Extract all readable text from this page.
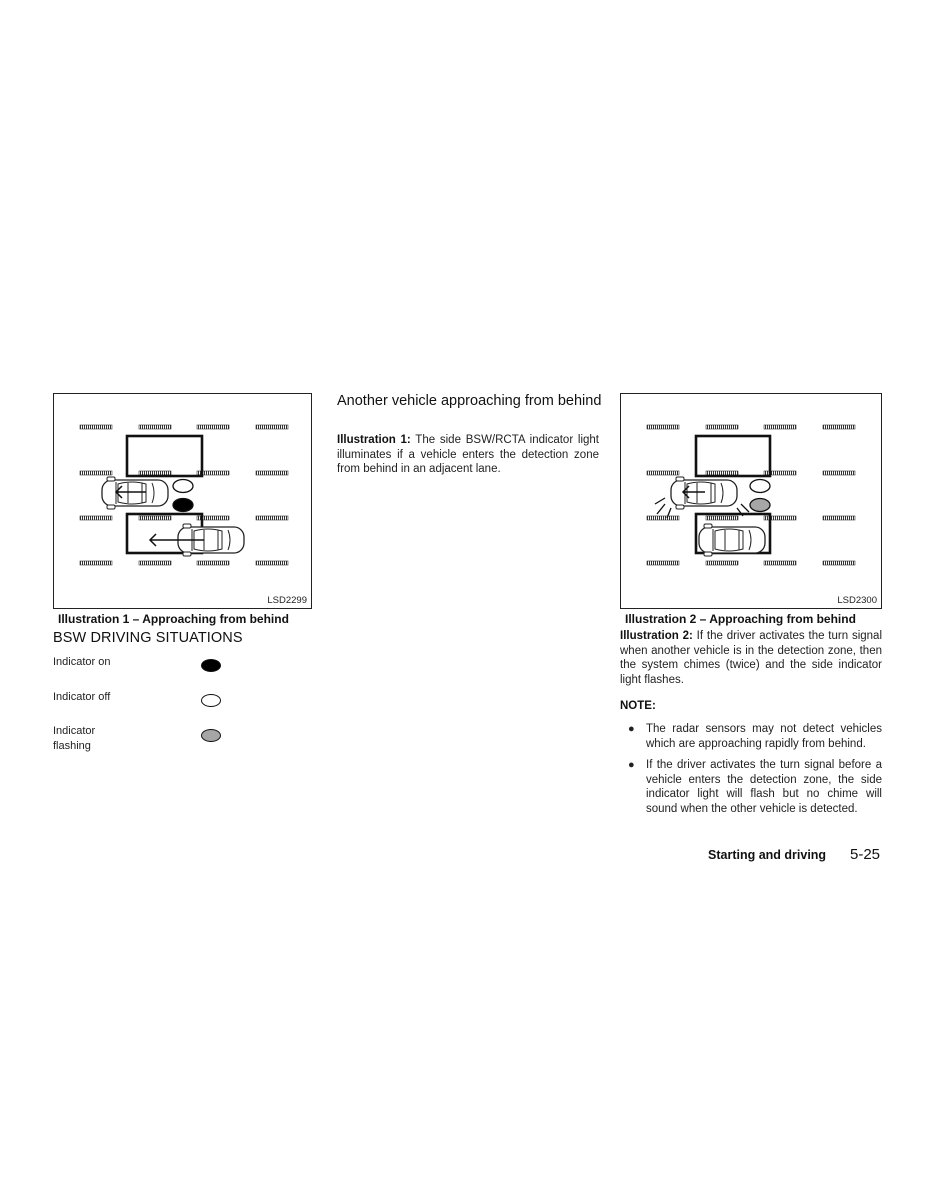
LSD2299
Illustration 1 – Approaching from behind
BSW DRIVING SITUATIONS
Indicator on
Indicator off
Indicator flashing
Another vehicle approaching from behind
Illustration 1: The side BSW/RCTA indicator light illuminates if a vehicle enters the detection zone from behind in an adjacent lane.
LSD2300
Illustration 2 – Approaching from behind
Illustration 2: If the driver activates the turn signal when another vehicle is in the detection zone, then the system chimes (twice) and the side indicator light flashes.
NOTE:
● The radar sensors may not detect vehicles which are approaching rapidly from behind.
● If the driver activates the turn signal before a vehicle enters the detection zone, the side indicator light will flash but no chime will sound when the other vehicle is detected.
Starting and driving 5-25
